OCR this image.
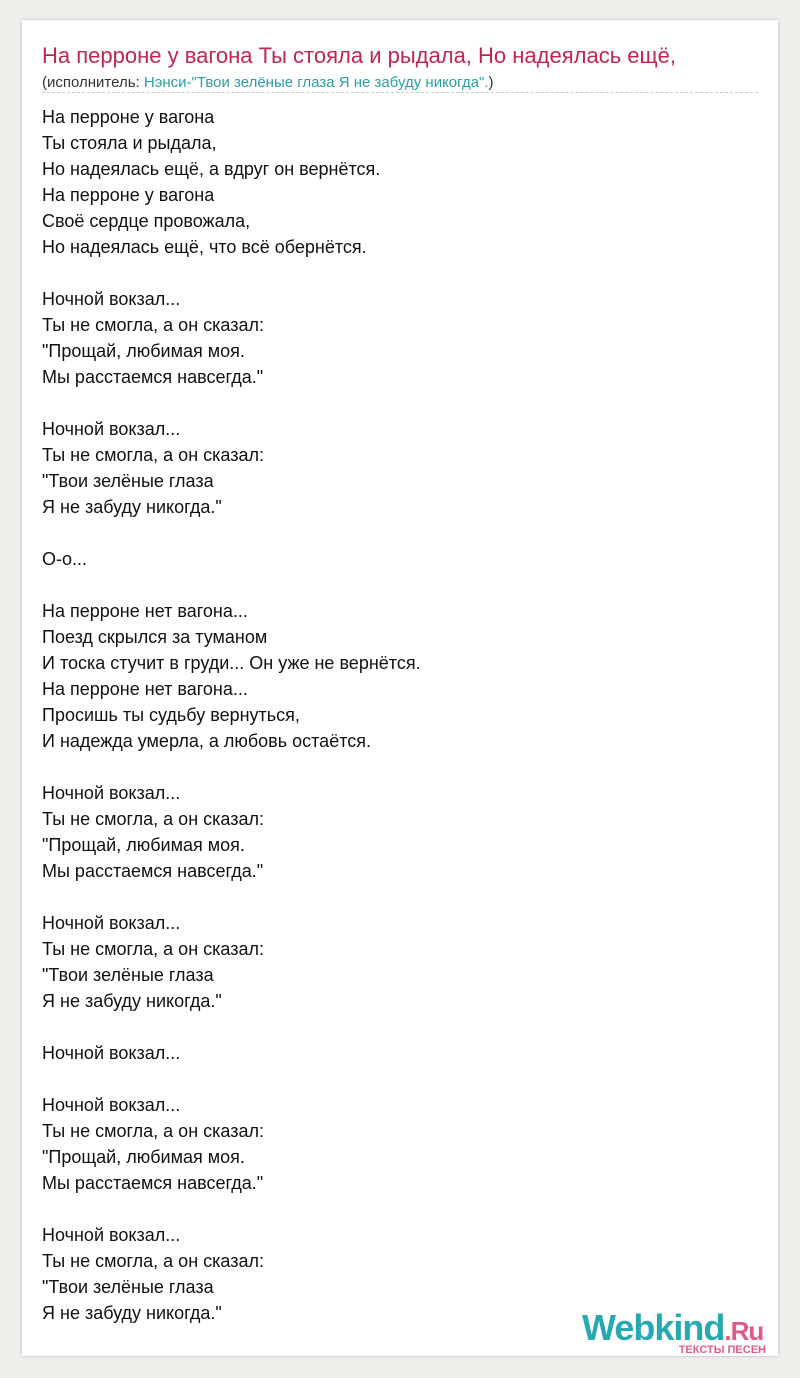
На перроне у вагона Ты стояла и рыдала, Но надеялась ещё,
(исполнитель: Нэнси-"Твои зелёные глаза Я не забуду никогда".)
На перроне у вагона
Ты стояла и рыдала,
Но надеялась ещё, а вдруг он вернётся.
На перроне у вагона
Своё сердце провожала,
Но надеялась ещё, что всё обернётся.
Ночной вокзал...
Ты не смогла, а он сказал:
"Прощай, любимая моя.
Мы расстаемся навсегда."
Ночной вокзал...
Ты не смогла, а он сказал:
"Твои зелёные глаза
Я не забуду никогда."
О-о...
На перроне нет вагона...
Поезд скрылся за туманом
И тоска стучит в груди... Он уже не вернётся.
На перроне нет вагона...
Просишь ты судьбу вернуться,
И надежда умерла, а любовь остаётся.
Ночной вокзал...
Ты не смогла, а он сказал:
"Прощай, любимая моя.
Мы расстаемся навсегда."
Ночной вокзал...
Ты не смогла, а он сказал:
"Твои зелёные глаза
Я не забуду никогда."
Ночной вокзал...
Ночной вокзал...
Ты не смогла, а он сказал:
"Прощай, любимая моя.
Мы расстаемся навсегда."
Ночной вокзал...
Ты не смогла, а он сказал:
"Твои зелёные глаза
Я не забуду никогда."	Webkind.Ru
ТЕКСТЫ ПЕСЕН
